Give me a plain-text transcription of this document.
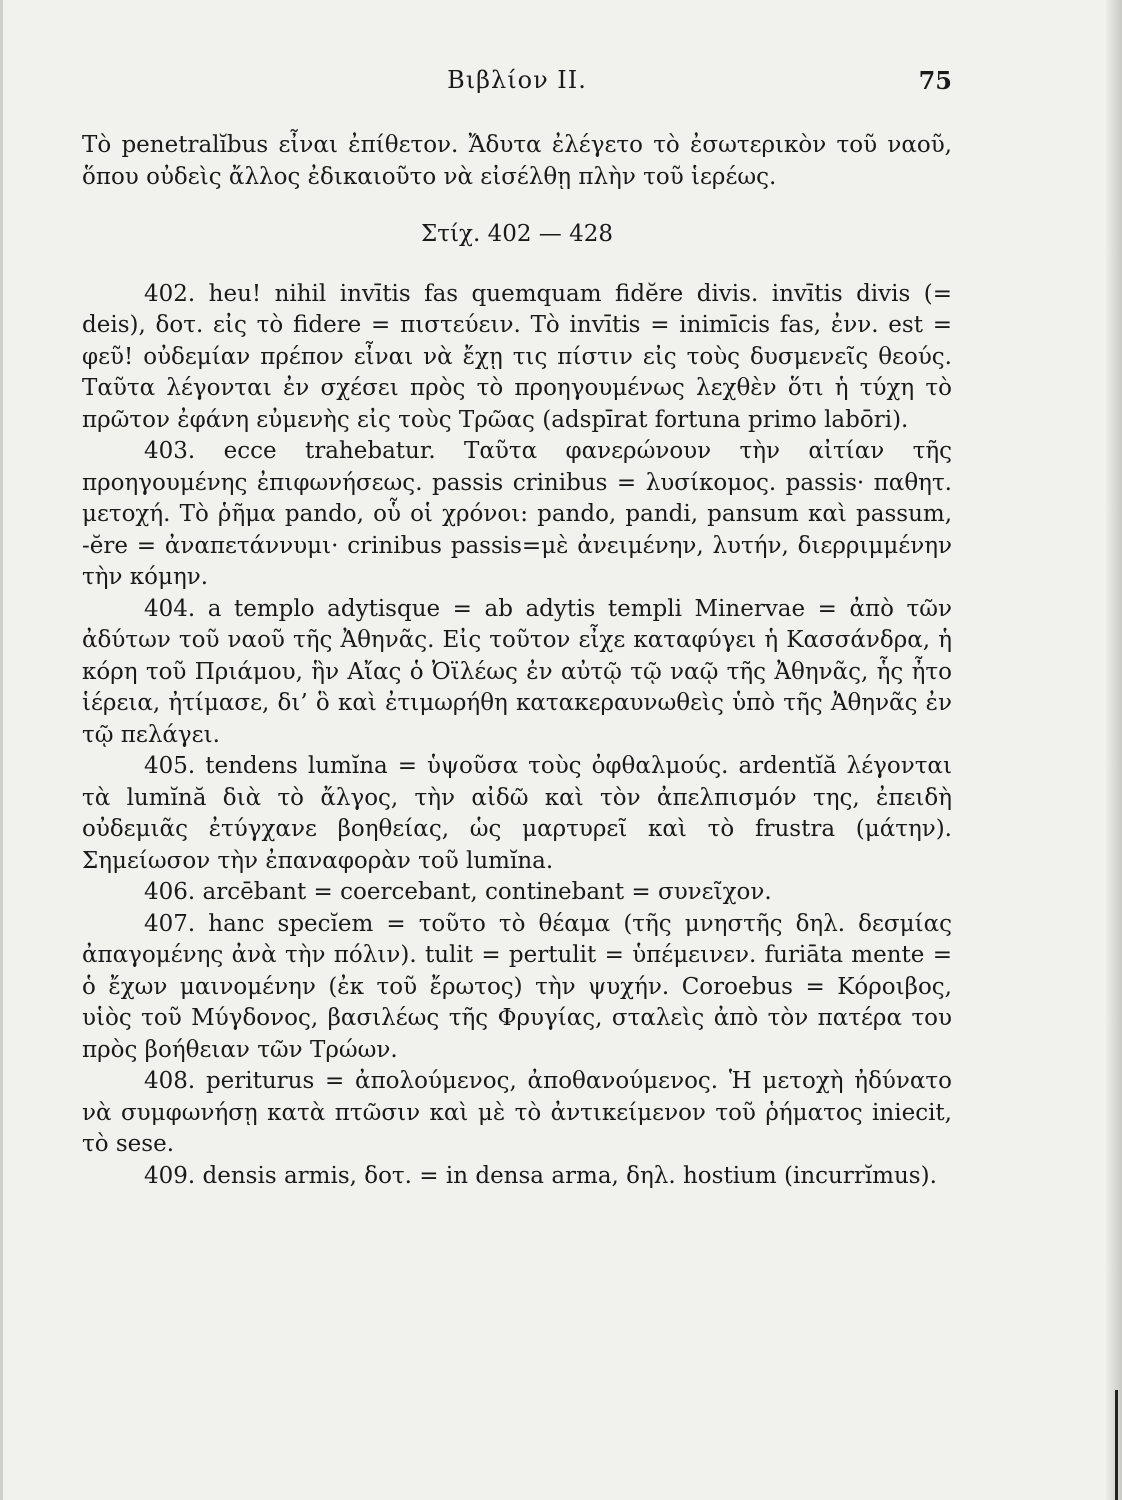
Βιβλίον II.	75

Τὸ penetralĭbus εἶναι ἐπίθετον. Ἄδυτα ἐλέγετο τὸ ἐσωτερικὸν τοῦ ναοῦ, ὅπου οὐδεὶς ἄλλος ἐδικαιοῦτο νὰ εἰσέλθῃ πλὴν τοῦ ἱερέως.

Στίχ. 402 — 428

402. heu! nihil invītis fas quemquam fidĕre divis. invītis divis (= deis), δοτ. εἰς τὸ fidere = πιστεύειν. Τὸ invītis = inimīcis fas, ἐνν. est = φεῦ! οὐδεμίαν πρέπον εἶναι νὰ ἔχῃ τις πίστιν εἰς τοὺς δυσμενεῖς θεούς. Ταῦτα λέγονται ἐν σχέσει πρὸς τὸ προηγουμένως λεχθὲν ὅτι ἡ τύχη τὸ πρῶτον ἐφάνη εὐμενὴς εἰς τοὺς Τρῶας (adspīrat fortuna primo labōri).

403. ecce trahebatur. Ταῦτα φανερώνουν τὴν αἰτίαν τῆς προηγουμένης ἐπιφωνήσεως. passis crinibus = λυσίκομος. passis· παθητ. μετοχή. Τὸ ῥῆμα pando, οὗ οἱ χρόνοι: pando, pandi, pansum καὶ passum, -ĕre = ἀναπετάννυμι· crinibus passis=μὲ ἀνειμένην, λυτήν, διερριμμένην τὴν κόμην.

404. a templo adytisque = ab adytis templi Minervae = ἀπὸ τῶν ἀδύτων τοῦ ναοῦ τῆς Ἀθηνᾶς. Εἰς τοῦτον εἶχε καταφύγει ἡ Κασσάνδρα, ἡ κόρη τοῦ Πριάμου, ἣν Αἴας ὁ Ὀϊλέως ἐν αὐτῷ τῷ ναῷ τῆς Ἀθηνᾶς, ἧς ἦτο ἱέρεια, ἠτίμασε, δι’ ὃ καὶ ἐτιμωρήθη κατακεραυνωθεὶς ὑπὸ τῆς Ἀθηνᾶς ἐν τῷ πελάγει.

405. tendens lumĭna = ὑψοῦσα τοὺς ὀφθαλμούς. ardentĭă λέγονται τὰ lumĭnă διὰ τὸ ἄλγος, τὴν αἰδῶ καὶ τὸν ἀπελπισμόν της, ἐπειδὴ οὐδεμιᾶς ἐτύγχανε βοηθείας, ὡς μαρτυρεῖ καὶ τὸ frustra (μάτην). Σημείωσον τὴν ἐπαναφορὰν τοῦ lumĭna.

406. arcēbant = coercebant, continebant = συνεῖχον.

407. hanc specĭem = τοῦτο τὸ θέαμα (τῆς μνηστῆς δηλ. δεσμίας ἀπαγομένης ἀνὰ τὴν πόλιν). tulit = pertulit = ὑπέμεινεν. furiāta mente = ὁ ἔχων μαινομένην (ἐκ τοῦ ἔρωτος) τὴν ψυχήν. Coroebus = Κόροιβος, υἱὸς τοῦ Μύγδονος, βασιλέως τῆς Φρυγίας, σταλεὶς ἀπὸ τὸν πατέρα του πρὸς βοήθειαν τῶν Τρώων.

408. periturus = ἀπολούμενος, ἀποθανούμενος. Ἡ μετοχὴ ἠδύνατο νὰ συμφωνήσῃ κατὰ πτῶσιν καὶ μὲ τὸ ἀντικείμενον τοῦ ῥήματος iniecit, τὸ sese.

409. densis armis, δοτ. = in densa arma, δηλ. hostium (incurrĭmus).
